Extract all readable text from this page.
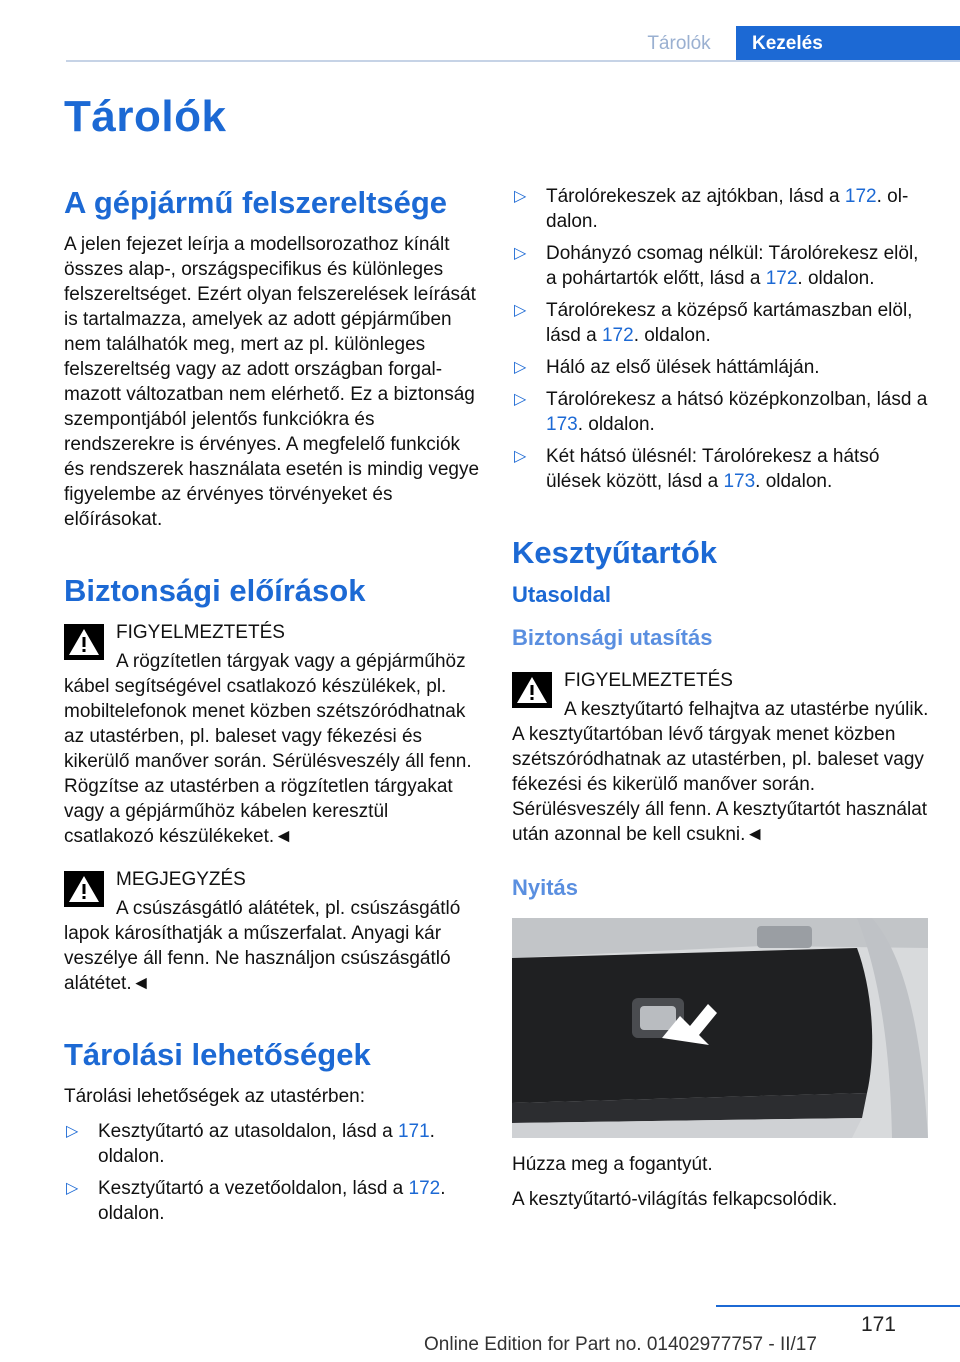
Tárolók	Kezelés
Tárolók
A gépjármű felszereltsége

A jelen fejezet leírja a modellsorozathoz kínált összes alap-, országspecifikus és különleges felszereltséget. Ezért olyan felszerelések leírását is tartalmazza, amelyek az adott gépjárműben nem találhatók meg, mert az pl. különleges felszereltség vagy az adott országban forgalmazott változatban nem elérhető. Ez a biztonság szempontjából jelentős funkciókra és rendszerekre is érvényes. A megfelelő funkciók és rendszerek használata esetén is mindig vegye figyelembe az érvényes törvényeket és előírásokat.

Biztonsági előírások
FIGYELMEZTETÉS
A rögzítetlen tárgyak vagy a gépjárműhöz kábel segítségével csatlakozó készülékek, pl. mobiltelefonok menet közben szétszóródhatnak az utastérben, pl. baleset vagy fékezési és kikerülő manőver során. Sérülésveszély áll fenn. Rögzítse az utastérben a rögzítetlen tárgyakat vagy a gépjárműhöz kábelen keresztül csatlakozó készülékeket.◄
MEGJEGYZÉS
A csúszásgátló alátétek, pl. csúszásgátló lapok károsíthatják a műszerfalat. Anyagi kár veszélye áll fenn. Ne használjon csúszásgátló alátétet.◄
Tárolási lehetőségek

Tárolási lehetőségek az utastérben:

▷ Kesztyűtartó az utasoldalon, lásd a 171. oldalon.
▷ Kesztyűtartó a vezetőoldalon, lásd a 172. oldalon.
▷ Tárolórekeszek az ajtókban, lásd a 172. oldalon.
▷ Dohányzó csomag nélkül: Tárolórekesz elöl, a pohártartók előtt, lásd a 172. oldalon.
▷ Tárolórekesz a középső kartámaszban elöl, lásd a 172. oldalon.
▷ Háló az első ülések háttámláján.
▷ Tárolórekesz a hátsó középkonzolban, lásd a 173. oldalon.
▷ Két hátsó ülésnél: Tárolórekesz a hátsó ülések között, lásd a 173. oldalon.
Kesztyűtartók
Utasoldal
Biztonsági utasítás
FIGYELMEZTETÉS
A kesztyűtartó felhajtva az utastérbe nyúlik. A kesztyűtartóban lévő tárgyak menet közben szétszóródhatnak az utastérben, pl. baleset vagy fékezési és kikerülő manőver során. Sérülésveszély áll fenn. A kesztyűtartót használat után azonnal be kell csukni.◄
Nyitás

Húzza meg a fogantyút.

A kesztyűtartó-világítás felkapcsolódik.

171
Online Edition for Part no. 01402977757 - II/17
